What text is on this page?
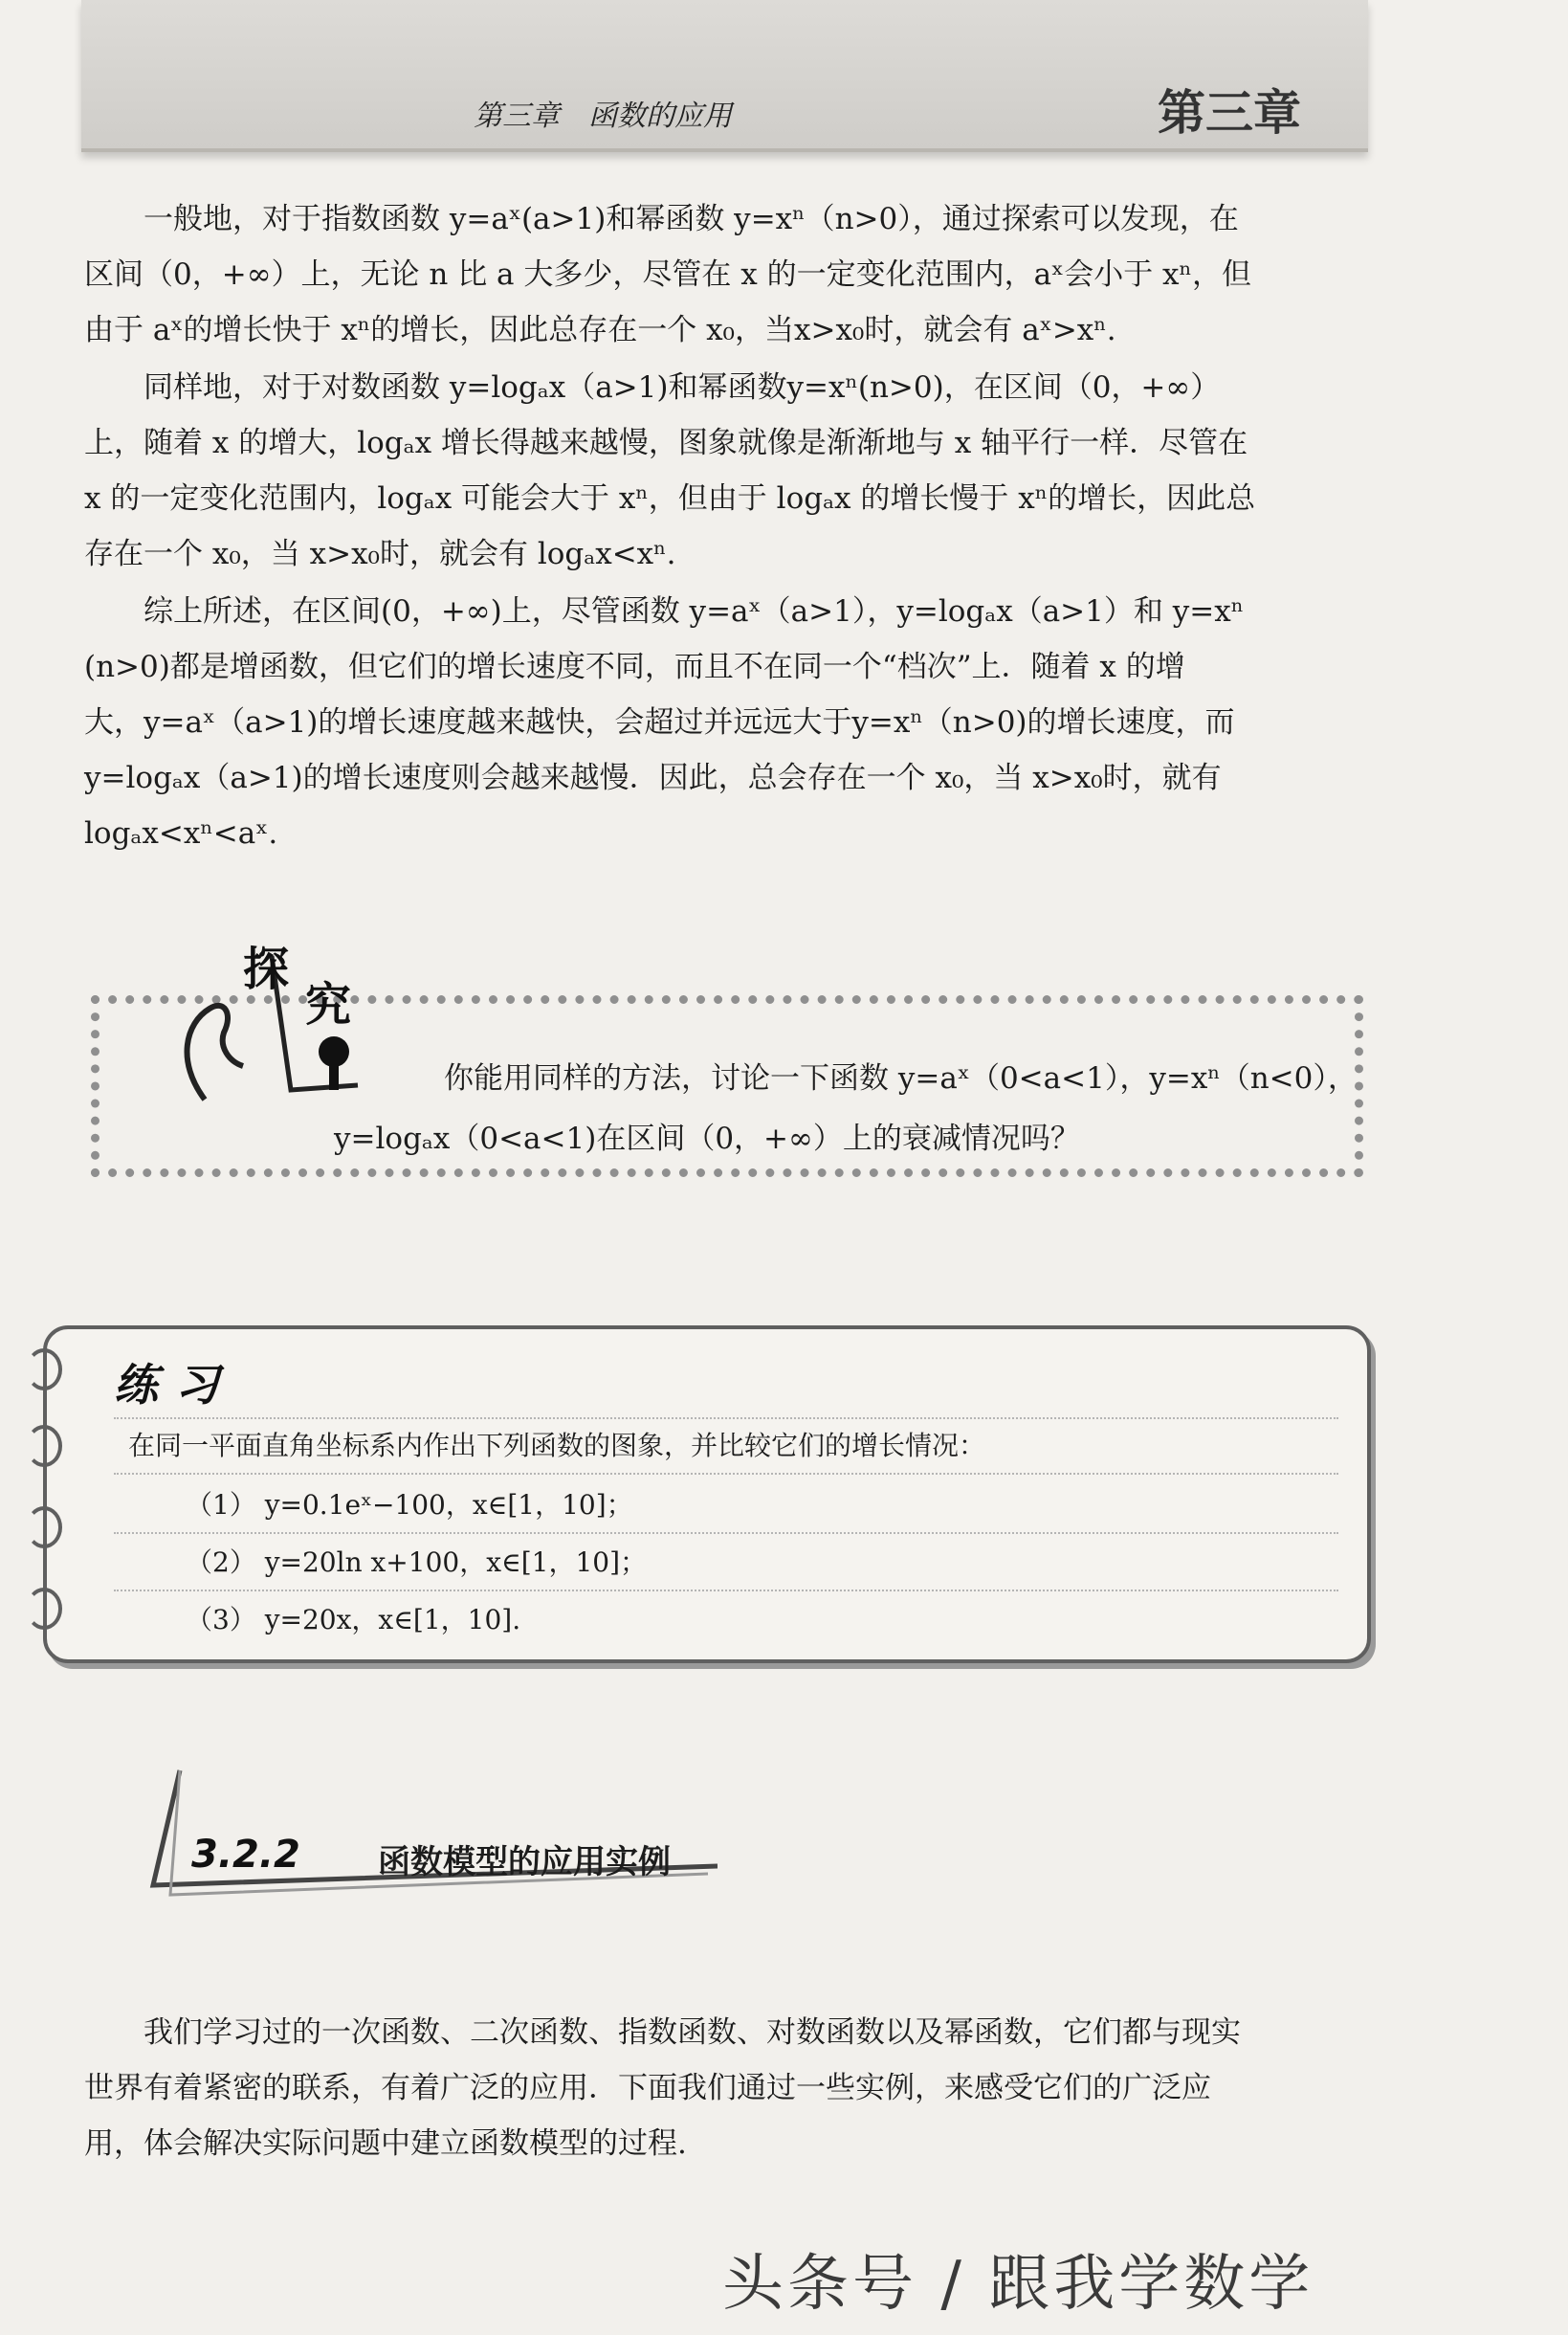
第三章　函数的应用	第三章
一般地，对于指数函数 y=aˣ(a>1)和幂函数 y=xⁿ（n>0），通过探索可以发现，在
区间（0，+∞）上，无论 n 比 a 大多少，尽管在 x 的一定变化范围内，aˣ会小于 xⁿ，但
由于 aˣ的增长快于 xⁿ的增长，因此总存在一个 x₀，当x>x₀时，就会有 aˣ>xⁿ.
同样地，对于对数函数 y=logₐx（a>1)和幂函数y=xⁿ(n>0)，在区间（0，+∞）
上，随着 x 的增大，logₐx 增长得越来越慢，图象就像是渐渐地与 x 轴平行一样．尽管在
x 的一定变化范围内，logₐx 可能会大于 xⁿ，但由于 logₐx 的增长慢于 xⁿ的增长，因此总
存在一个 x₀，当 x>x₀时，就会有 logₐx<xⁿ.
综上所述，在区间(0，+∞)上，尽管函数 y=aˣ（a>1），y=logₐx（a>1）和 y=xⁿ
(n>0)都是增函数，但它们的增长速度不同，而且不在同一个“档次”上．随着 x 的增
大，y=aˣ（a>1)的增长速度越来越快，会超过并远远大于y=xⁿ（n>0)的增长速度，而
y=logₐx（a>1)的增长速度则会越来越慢．因此，总会存在一个 x₀，当 x>x₀时，就有
logₐx<xⁿ<aˣ.
探
究
你能用同样的方法，讨论一下函数 y=aˣ（0<a<1），y=xⁿ（n<0），
y=logₐx（0<a<1)在区间（0，+∞）上的衰减情况吗？
练习
在同一平面直角坐标系内作出下列函数的图象，并比较它们的增长情况：
（1） y=0.1eˣ−100，x∈[1，10]；
（2） y=20ln x+100，x∈[1，10]；
（3） y=20x，x∈[1，10].
3.2.2 函数模型的应用实例
我们学习过的一次函数、二次函数、指数函数、对数函数以及幂函数，它们都与现实
世界有着紧密的联系，有着广泛的应用．下面我们通过一些实例，来感受它们的广泛应
用，体会解决实际问题中建立函数模型的过程.
头条号 / 跟我学数学
